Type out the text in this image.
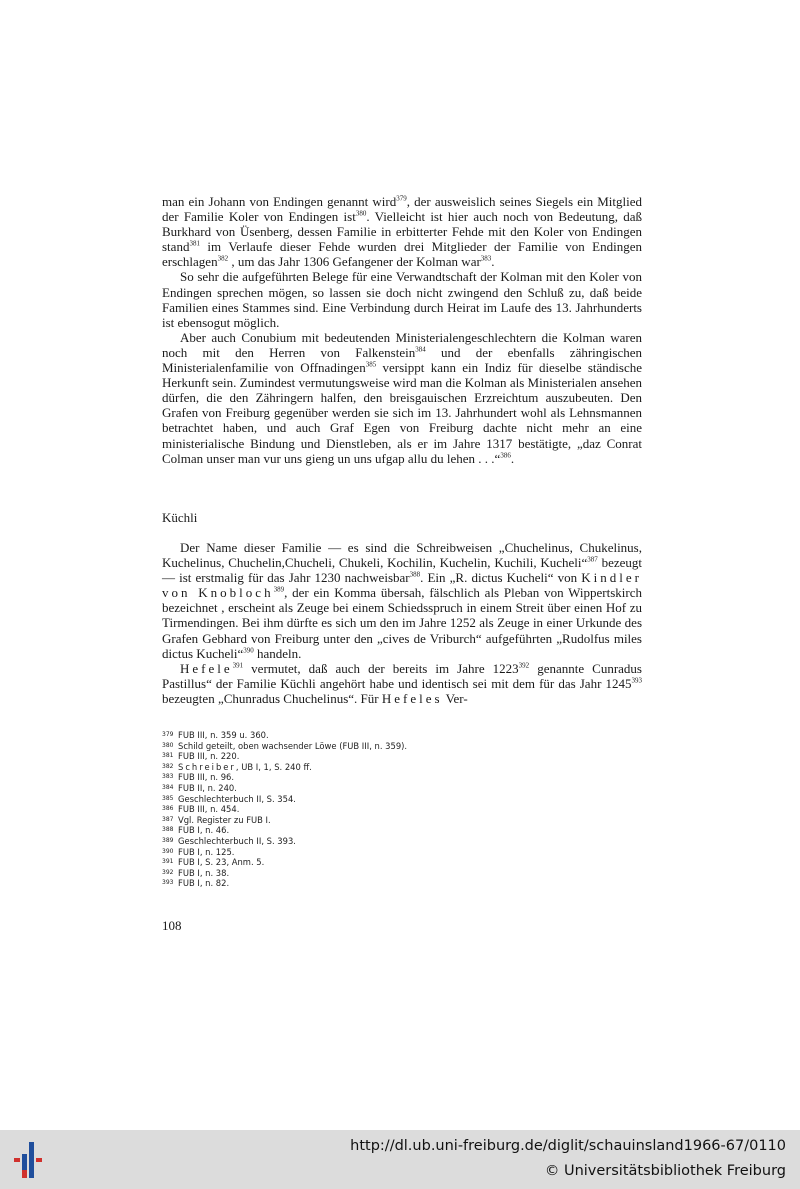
man ein Johann von Endingen genannt wird$^{379}$, der ausweislich seines Siegels ein Mitglied der Familie Koler von Endingen ist$^{380}$. Vielleicht ist hier auch noch von Bedeutung, daß Burkhard von Üsenberg, dessen Familie in erbitterter Fehde mit den Koler von Endingen stand$^{381}$ im Verlaufe dieser Fehde wurden drei Mitglieder der Familie von Endingen erschlagen$^{382}$ , um das Jahr 1306 Gefangener der Kolman war$^{383}$.

So sehr die aufgeführten Belege für eine Verwandtschaft der Kolman mit den Koler von Endingen sprechen mögen, so lassen sie doch nicht zwingend den Schluß zu, daß beide Familien eines Stammes sind. Eine Verbindung durch Heirat im Laufe des 13. Jahrhunderts ist ebensogut möglich.

Aber auch Conubium mit bedeutenden Ministerialengeschlechtern die Kolman waren noch mit den Herren von Falkenstein$^{384}$ und der ebenfalls zähringischen Ministerialenfamilie von Offnadingen$^{385}$ versippt kann ein Indiz für dieselbe ständische Herkunft sein. Zumindest vermutungsweise wird man die Kolman als Ministerialen ansehen dürfen, die den Zähringern halfen, den breisgauischen Erzreichtum auszubeuten. Den Grafen von Freiburg gegenüber werden sie sich im 13. Jahrhundert wohl als Lehnsmannen betrachtet haben, und auch Graf Egen von Freiburg dachte nicht mehr an eine ministerialische Bindung und Dienstleben, als er im Jahre 1317 bestätigte, „daz Conrat Colman unser man vur uns gieng un uns ufgap allu du lehen . . .“$^{386}$.

Küchli

Der Name dieser Familie — es sind die Schreibweisen „Chuchelinus, Chukelinus, Kuchelinus, Chuchelin,Chucheli, Chukeli, Kochilin, Kuchelin, Kuchili, Kucheli“$^{387}$ bezeugt — ist erstmalig für das Jahr 1230 nachweisbar$^{388}$. Ein „R. dictus Kucheli“ von Kindler von Knobloch$^{389}$, der ein Komma übersah, fälschlich als Pleban von Wippertskirch bezeichnet , erscheint als Zeuge bei einem Schiedsspruch in einem Streit über einen Hof zu Tirmendingen. Bei ihm dürfte es sich um den im Jahre 1252 als Zeuge in einer Urkunde des Grafen Gebhard von Freiburg unter den „cives de Vriburch“ aufgeführten „Rudolfus miles dictus Kucheli“$^{390}$ handeln.

Hefele$^{391}$ vermutet, daß auch der bereits im Jahre 1223$^{392}$ genannte Cunradus Pastillus“ der Familie Küchli angehört habe und identisch sei mit dem für das Jahr 1245$^{393}$ bezeugten „Chunradus Chuchelinus“. Für Hefeles Ver-

379 FUB III, n. 359 u. 360.
380 Schild geteilt, oben wachsender Löwe (FUB III, n. 359).
381 FUB III, n. 220.
382 Schreiber, UB I, 1, S. 240 ff.
383 FUB III, n. 96.
384 FUB II, n. 240.
385 Geschlechterbuch II, S. 354.
386 FUB III, n. 454.
387 Vgl. Register zu FUB I.
388 FUB I, n. 46.
389 Geschlechterbuch II, S. 393.
390 FUB I, n. 125.
391 FUB I, S. 23, Anm. 5.
392 FUB I, n. 38.
393 FUB I, n. 82.
108
http://dl.ub.uni-freiburg.de/diglit/schauinsland1966-67/0110
© Universitätsbibliothek Freiburg
